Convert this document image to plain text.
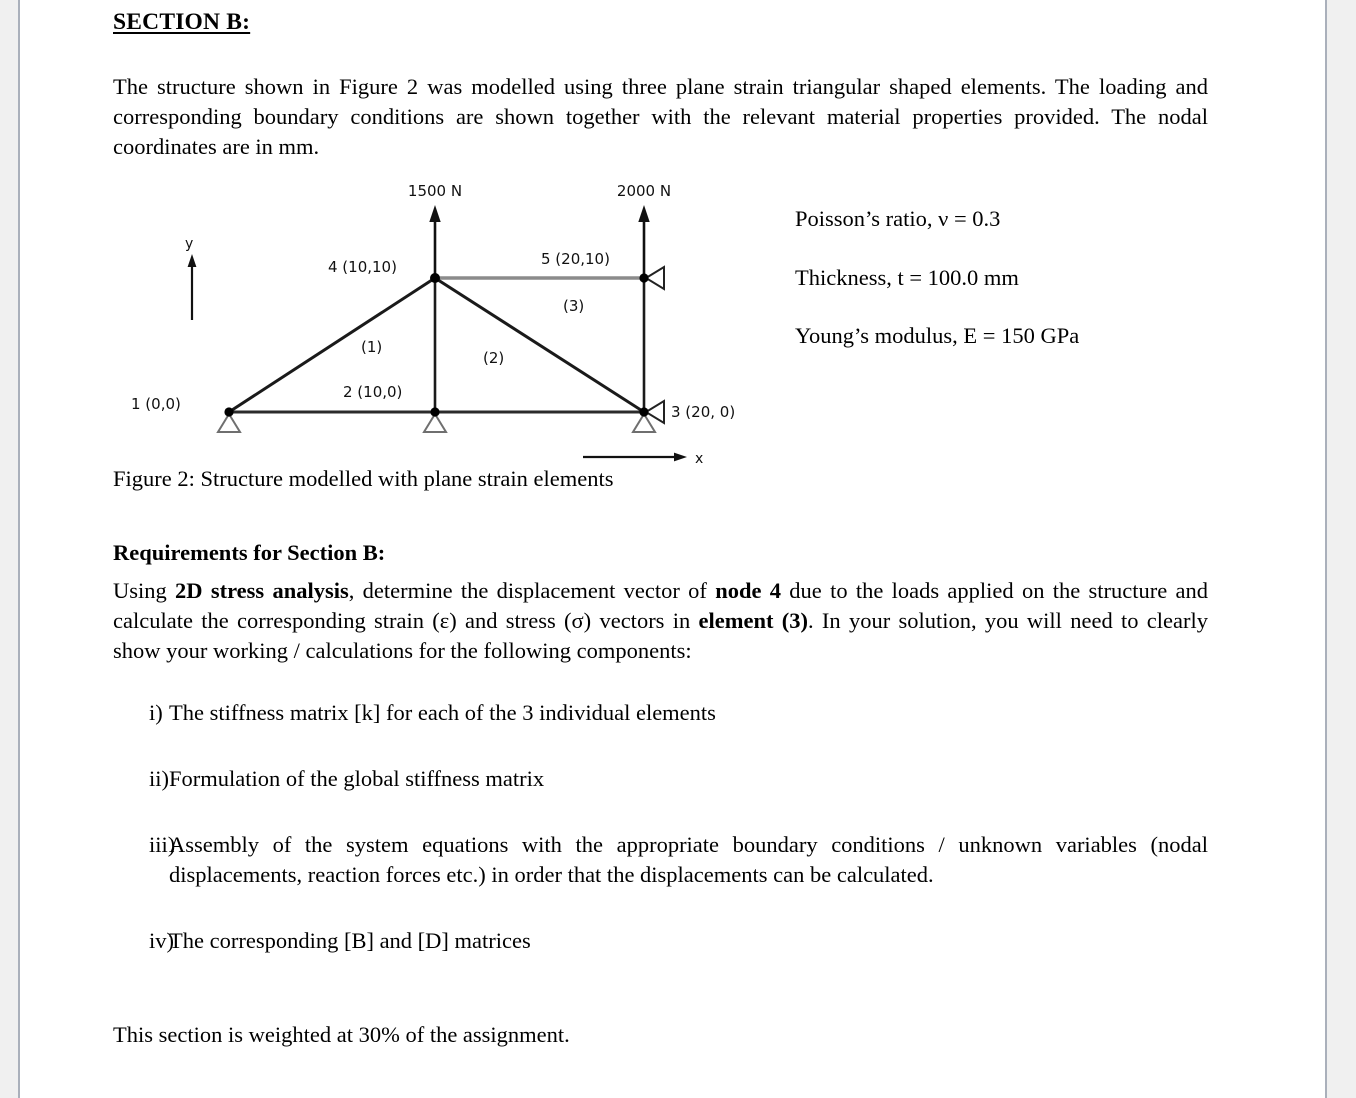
SECTION B:

The structure shown in Figure 2 was modelled using three plane strain triangular shaped elements. The loading and corresponding boundary conditions are shown together with the relevant material properties provided. The nodal coordinates are in mm.

y
x
1500 N	2000 N
1 (0,0)
2 (10,0)
3 (20, 0)
4 (10,10)	5 (20,10)
(1)
(2)
(3)
Poisson’s ratio, ν = 0.3
Thickness, t = 100.0 mm
Young’s modulus, E = 150 GPa

Figure 2: Structure modelled with plane strain elements

Requirements for Section B:

Using 2D stress analysis, determine the displacement vector of node 4 due to the loads applied on the structure and calculate the corresponding strain (ε) and stress (σ) vectors in element (3). In your solution, you will need to clearly show your working / calculations for the following components:

i) The stiffness matrix [k] for each of the 3 individual elements
ii) Formulation of the global stiffness matrix
iii)
Assembly of the system equations with the appropriate boundary conditions / unknown variables (nodal displacements, reaction forces etc.) in order that the displacements can be calculated.
iv)
The corresponding [B] and [D] matrices

This section is weighted at 30% of the assignment.
